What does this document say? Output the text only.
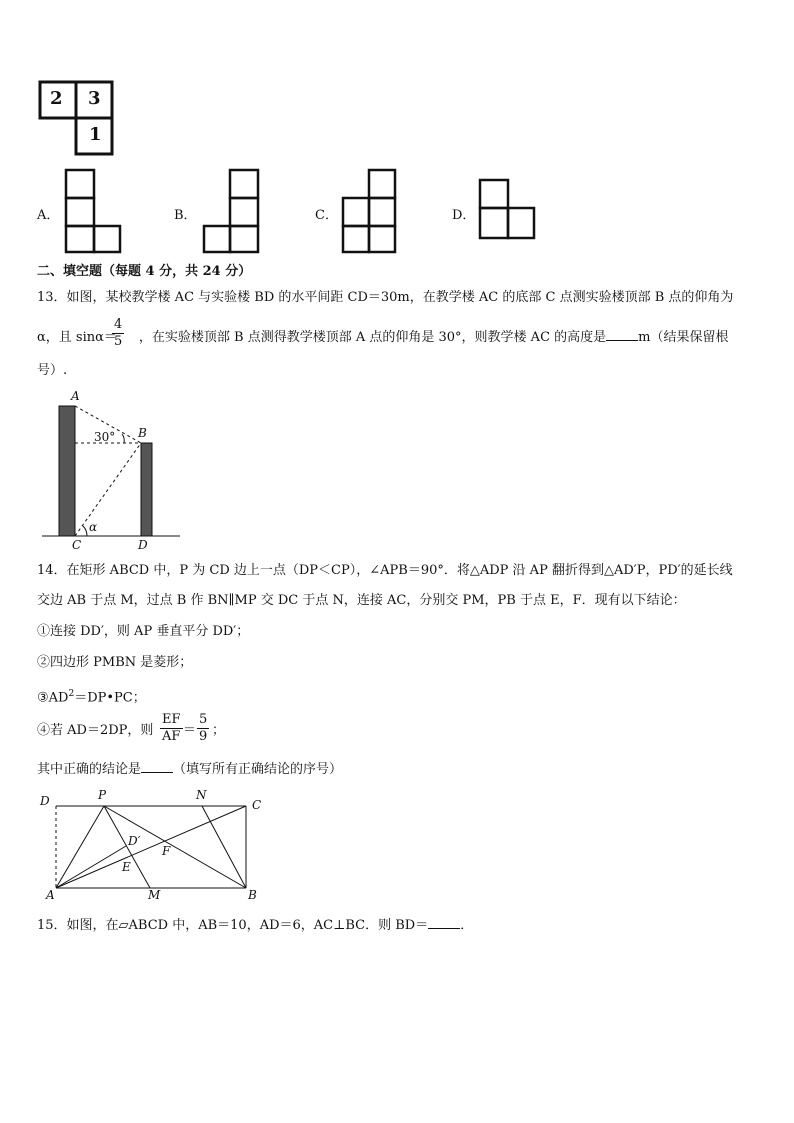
2 3
1
A．	B．	C．	D．
二、填空题（每题 4 分，共 24 分）
13．如图，某校教学楼 AC 与实验楼 BD 的水平间距 CD＝30m，在教学楼 AC 的底部 C 点测实验楼顶部 B 点的仰角为
α，且 sinα＝ ，在实验楼顶部 B 点测得教学楼顶部 A 点的仰角是 30°，则教学楼 AC 的高度是 m（结果保留根
$\frac{4}{5}$
号）.
A
B
C	D
30°
α
14．在矩形 ABCD 中，P 为 CD 边上一点（DP＜CP），∠APB＝90°．将△ADP 沿 AP 翻折得到△AD′P，PD′的延长线
交边 AB 于点 M，过点 B 作 BN∥MP 交 DC 于点 N，连接 AC，分别交 PM，PB 于点 E，F．现有以下结论：
①连接 DD′，则 AP 垂直平分 DD′；
②四边形 PMBN 是菱形；
$③AD^2=DP•PC$；
④若 AD＝2DP，则 $\frac{EF}{AF} = \frac{5}{9}$ ；
其中正确的结论是 （填写所有正确结论的序号）
D	P	N
C
D′
F
E
A	M	B
15．如图，在▱ABCD 中，AB＝10，AD＝6，AC⊥BC．则 BD＝ ．
